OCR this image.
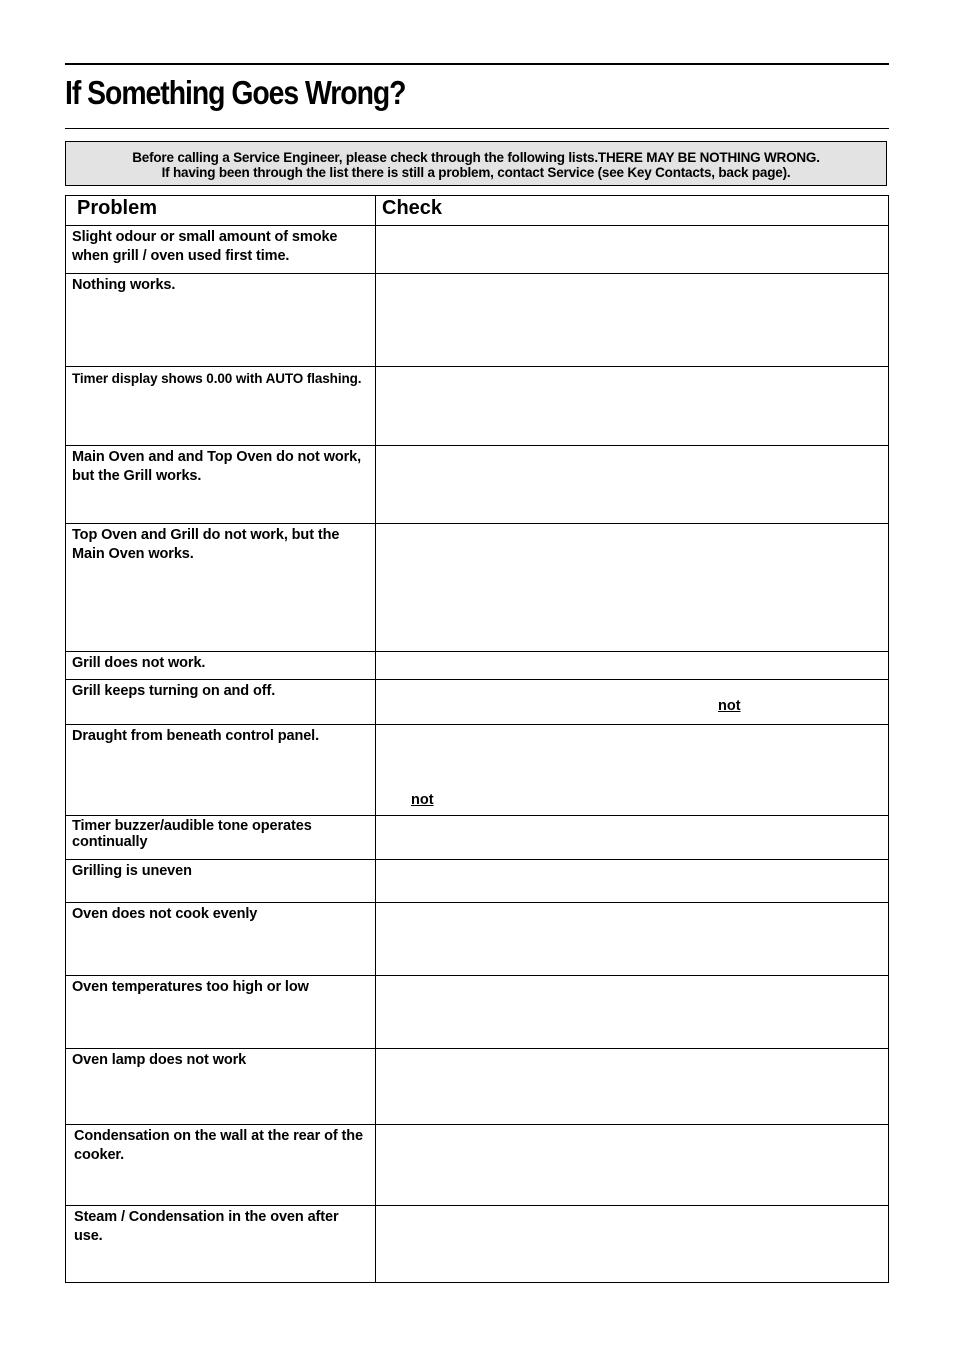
If Something Goes Wrong?
Before calling a Service Engineer, please check through the following lists.THERE MAY BE NOTHING WRONG.
If having been through the list there is still a problem, contact Service (see Key Contacts, back page).
Problem	Check
Slight odour or small amount of smoke when grill / oven used first time.	
Nothing works.	
Timer display shows 0.00 with AUTO flashing.	
Main Oven and and Top Oven do not work, but the Grill works.	
Top Oven and Grill do not work, but the Main Oven works.	
Grill does not work.	
Grill keeps turning on and off.	not

Draught from beneath control panel.	not

Timer buzzer/audible tone operates continually	
Grilling is uneven	
Oven does not cook evenly	
Oven temperatures too high or low	
Oven lamp does not work	
Condensation on the wall at the rear of the cooker.	
Steam / Condensation in the oven after use.	
